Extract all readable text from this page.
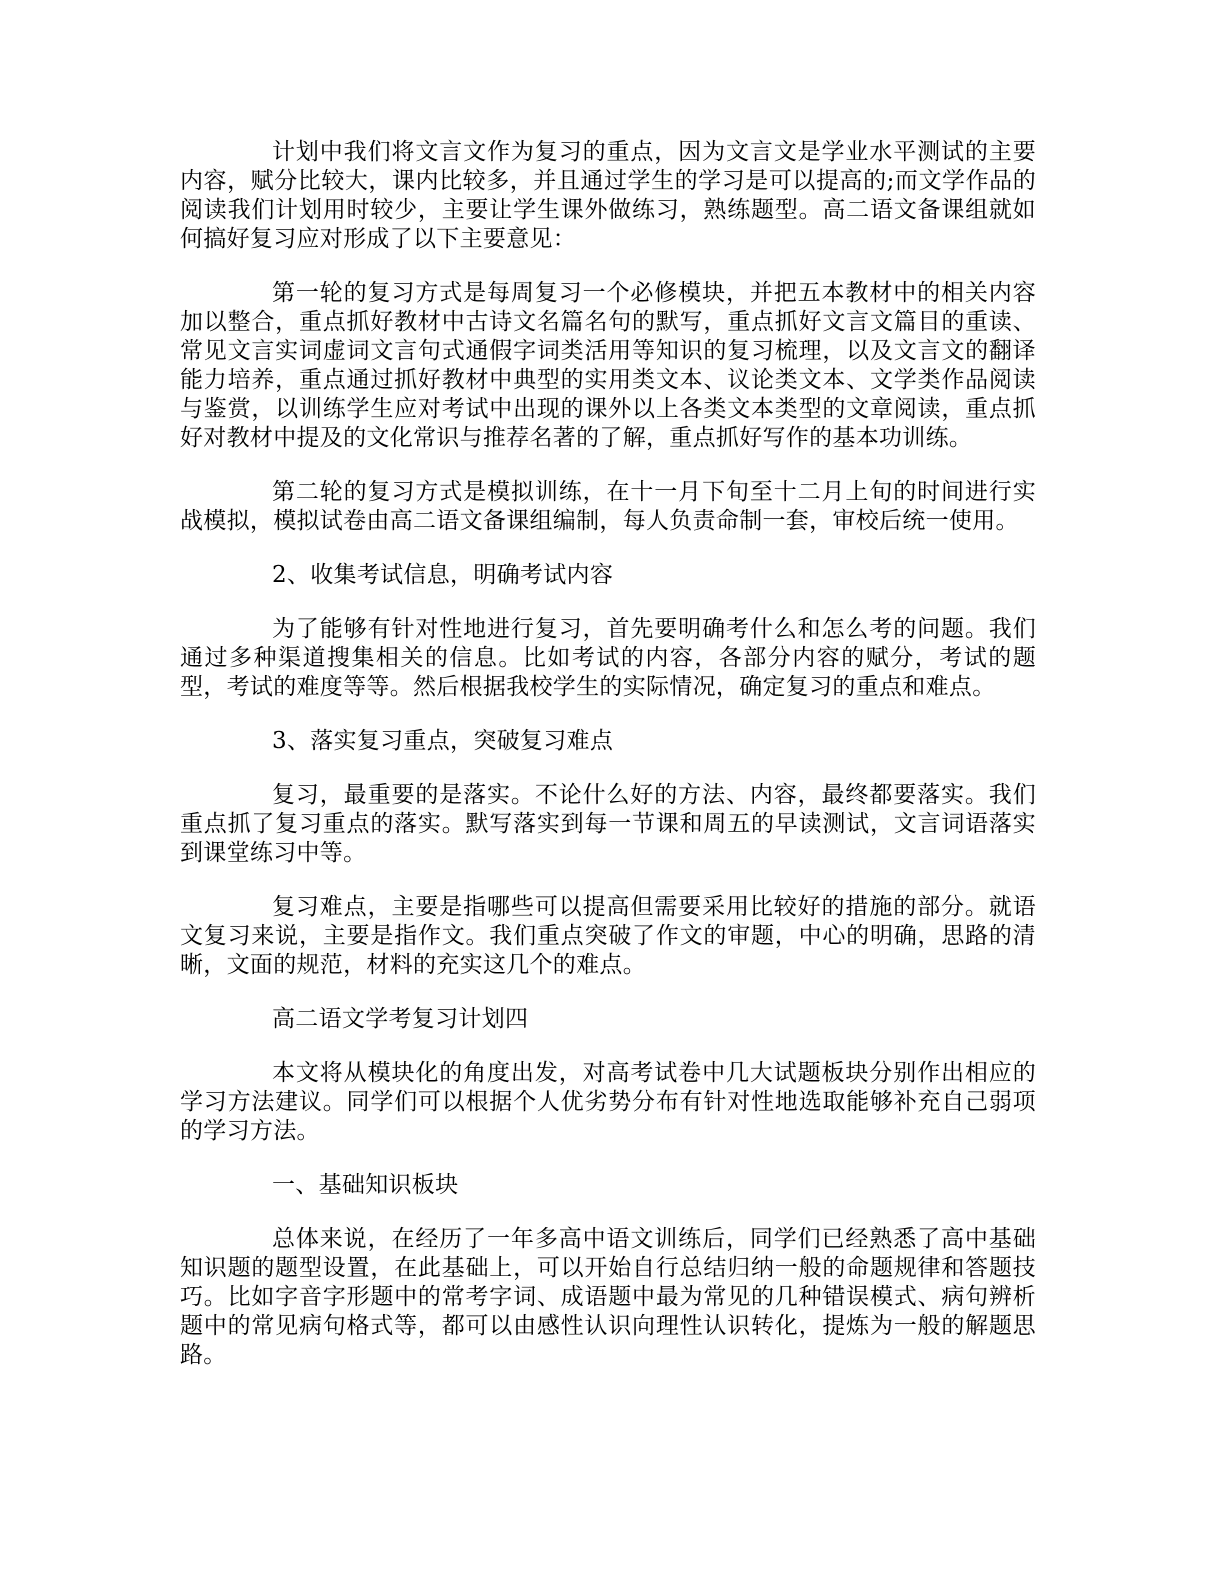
计划中我们将文言文作为复习的重点，因为文言文是学业水平测试的主要内容，赋分比较大，课内比较多，并且通过学生的学习是可以提高的;而文学作品的阅读我们计划用时较少，主要让学生课外做练习，熟练题型。高二语文备课组就如何搞好复习应对形成了以下主要意见：

第一轮的复习方式是每周复习一个必修模块，并把五本教材中的相关内容加以整合，重点抓好教材中古诗文名篇名句的默写，重点抓好文言文篇目的重读、常见文言实词虚词文言句式通假字词类活用等知识的复习梳理，以及文言文的翻译能力培养，重点通过抓好教材中典型的实用类文本、议论类文本、文学类作品阅读与鉴赏，以训练学生应对考试中出现的课外以上各类文本类型的文章阅读，重点抓好对教材中提及的文化常识与推荐名著的了解，重点抓好写作的基本功训练。

第二轮的复习方式是模拟训练，在十一月下旬至十二月上旬的时间进行实战模拟，模拟试卷由高二语文备课组编制，每人负责命制一套，审校后统一使用。

2、收集考试信息，明确考试内容

为了能够有针对性地进行复习，首先要明确考什么和怎么考的问题。我们通过多种渠道搜集相关的信息。比如考试的内容，各部分内容的赋分，考试的题型，考试的难度等等。然后根据我校学生的实际情况，确定复习的重点和难点。

3、落实复习重点，突破复习难点

复习，最重要的是落实。不论什么好的方法、内容，最终都要落实。我们重点抓了复习重点的落实。默写落实到每一节课和周五的早读测试，文言词语落实到课堂练习中等。

复习难点，主要是指哪些可以提高但需要采用比较好的措施的部分。就语文复习来说，主要是指作文。我们重点突破了作文的审题，中心的明确，思路的清晰，文面的规范，材料的充实这几个的难点。

高二语文学考复习计划四

本文将从模块化的角度出发，对高考试卷中几大试题板块分别作出相应的学习方法建议。同学们可以根据个人优劣势分布有针对性地选取能够补充自己弱项的学习方法。

一、基础知识板块

总体来说，在经历了一年多高中语文训练后，同学们已经熟悉了高中基础知识题的题型设置，在此基础上，可以开始自行总结归纳一般的命题规律和答题技巧。比如字音字形题中的常考字词、成语题中最为常见的几种错误模式、病句辨析题中的常见病句格式等，都可以由感性认识向理性认识转化，提炼为一般的解题思路。
